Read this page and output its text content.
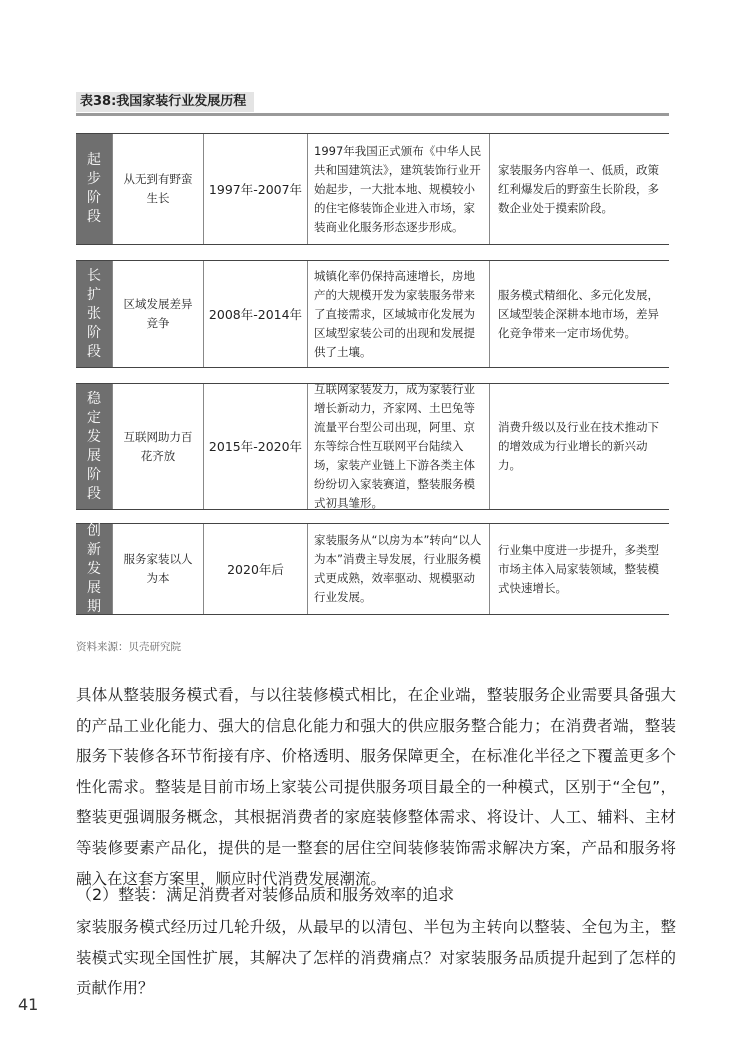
表38:我国家装行业发展历程
起步阶段
从无到有野蛮生长
1997年-2007年
1997年我国正式颁布《中华人民共和国建筑法》，建筑装饰行业开始起步，一大批本地、规模较小的住宅修装饰企业进入市场，家装商业化服务形态逐步形成。
家装服务内容单一、低质，政策红利爆发后的野蛮生长阶段，多数企业处于摸索阶段。
长扩张阶段
区域发展差异竞争
2008年-2014年
城镇化率仍保持高速增长，房地产的大规模开发为家装服务带来了直接需求，区域城市化发展为区域型家装公司的出现和发展提供了土壤。
服务模式精细化、多元化发展，区域型装企深耕本地市场，差异化竞争带来一定市场优势。
稳定发展阶段
互联网助力百花齐放
2015年-2020年
互联网家装发力，成为家装行业增长新动力，齐家网、土巴兔等流量平台型公司出现，阿里、京东等综合性互联网平台陆续入场，家装产业链上下游各类主体纷纷切入家装赛道，整装服务模式初具雏形。
消费升级以及行业在技术推动下的增效成为行业增长的新兴动力。
创新发展期
服务家装以人为本
2020年后
家装服务从“以房为本”转向“以人为本”消费主导发展，行业服务模式更成熟，效率驱动、规模驱动行业发展。
行业集中度进一步提升，多类型市场主体入局家装领域，整装模式快速增长。
资料来源：贝壳研究院
具体从整装服务模式看，与以往装修模式相比，在企业端，整装服务企业需要具备强大的产品工业化能力、强大的信息化能力和强大的供应服务整合能力；在消费者端，整装服务下装修各环节衔接有序、价格透明、服务保障更全，在标准化半径之下覆盖更多个性化需求。整装是目前市场上家装公司提供服务项目最全的一种模式，区别于“全包”，整装更强调服务概念，其根据消费者的家庭装修整体需求、将设计、人工、辅料、主材等装修要素产品化，提供的是一整套的居住空间装修装饰需求解决方案，产品和服务将融入在这套方案里，顺应时代消费发展潮流。
（2）整装：满足消费者对装修品质和服务效率的追求
家装服务模式经历过几轮升级，从最早的以清包、半包为主转向以整装、全包为主，整装模式实现全国性扩展，其解决了怎样的消费痛点？对家装服务品质提升起到了怎样的贡献作用？
41
